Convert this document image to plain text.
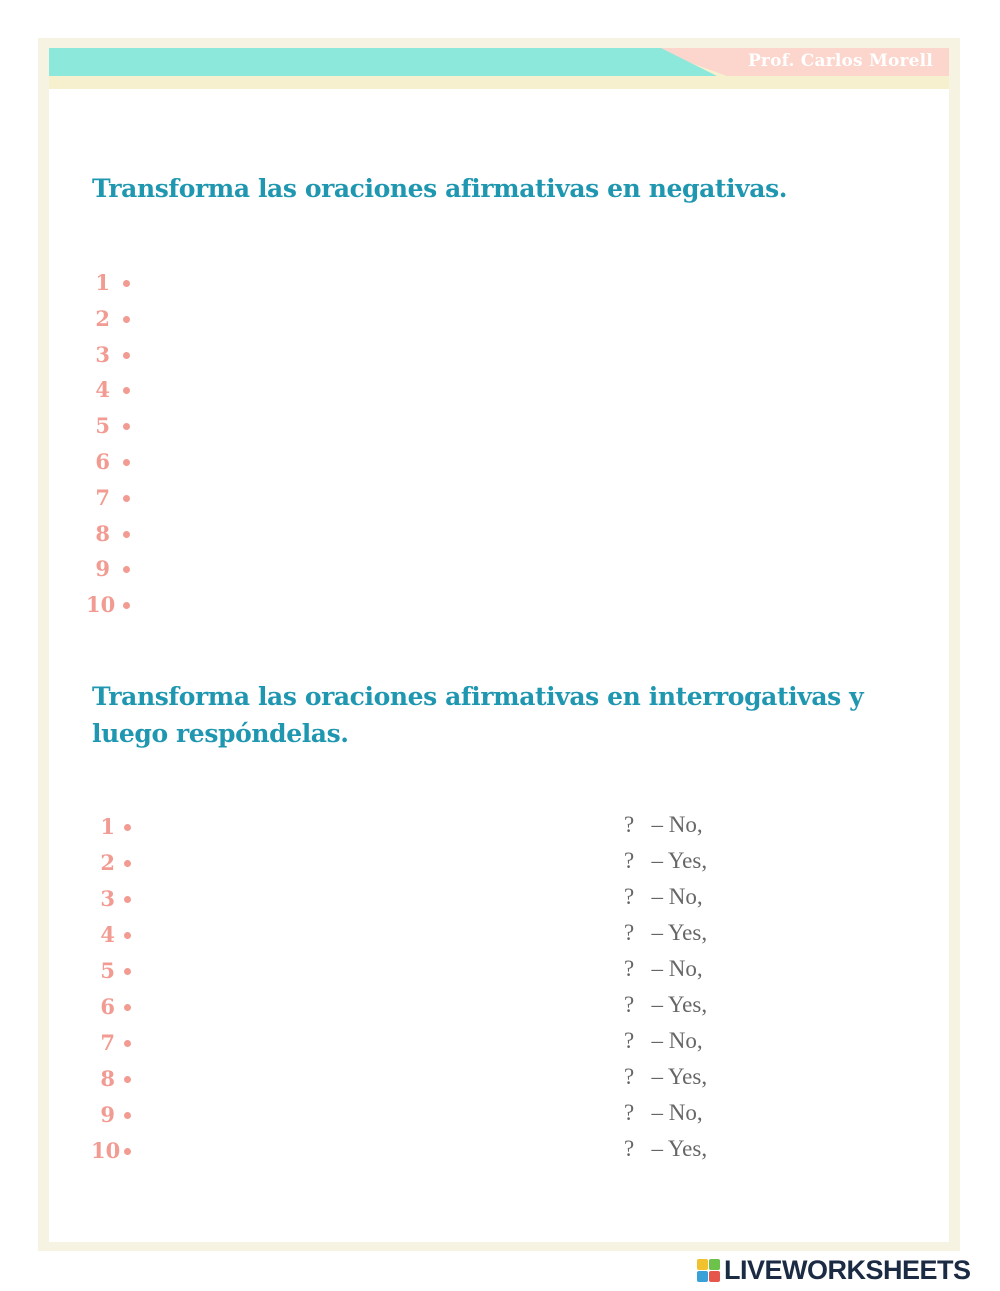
Prof. Carlos Morell
Transforma las oraciones afirmativas en negativas.
1
2
3
4
5
6
7
8
9
10
Transforma las oraciones afirmativas en interrogativas y luego respóndelas.
1	?   – No,
2	?   – Yes,
3	?   – No,
4	?   – Yes,
5	?   – No,
6	?   – Yes,
7	?   – No,
8	?   – Yes,
9	?   – No,
10	?   – Yes,
LIVEWORKSHEETS
